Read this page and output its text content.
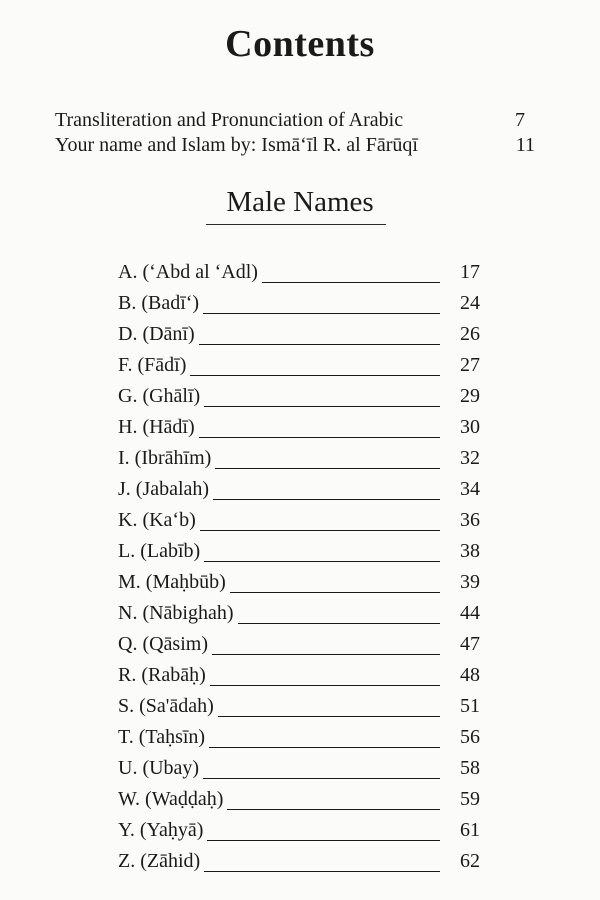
Contents
Transliteration and Pronunciation of Arabic	7
Your name and Islam by: Ismā‘īl R. al Fārūqī	11
Male Names
A. (‘Abd al ‘Adl)	17
B. (Badī‘)	24
D. (Dānī)	26
F. (Fādī)	27
G. (Ghālī)	29
H. (Hādī)	30
I. (Ibrāhīm)	32
J. (Jabalah)	34
K. (Ka‘b)	36
L. (Labīb)	38
M. (Maḥbūb)	39
N. (Nābighah)	44
Q. (Qāsim)	47
R. (Rabāḥ)	48
S. (Sa'ādah)	51
T. (Taḥsīn)	56
U. (Ubay)	58
W. (Waḍḍaḥ)	59
Y. (Yaḥyā)	61
Z. (Zāhid)	62
